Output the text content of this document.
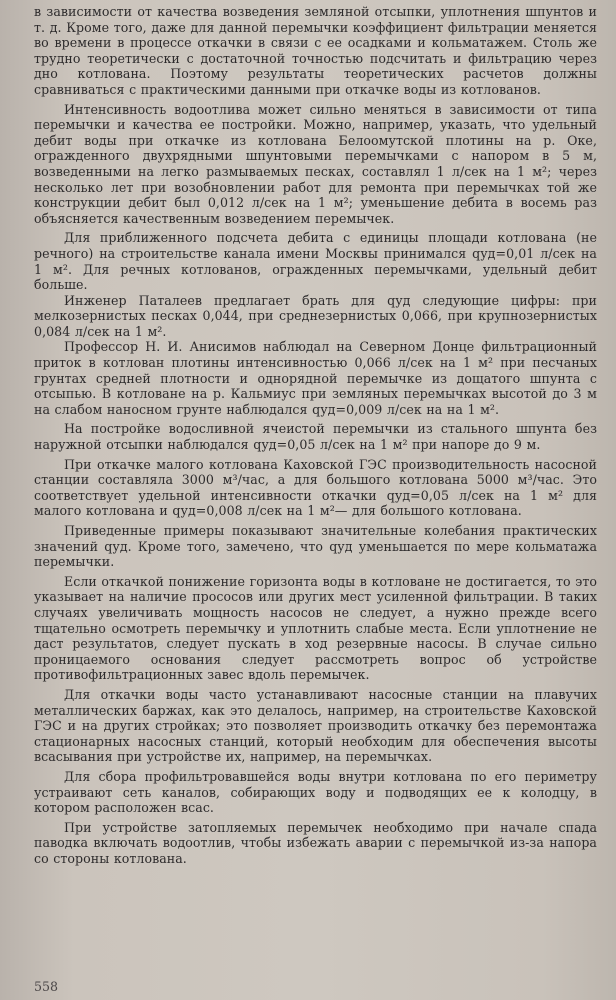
в зависимости от качества возведения земляной отсыпки, уплотнения шпунтов и т. д. Кроме того, даже для данной перемычки коэффициент фильтрации меняется во времени в процессе откачки в связи с ее осадками и кольматажем. Столь же трудно теоретически с достаточной точностью подсчитать и фильтрацию через дно котлована. Поэтому результаты теоретических расчетов должны сравниваться с практическими данными при откачке воды из котлованов.

Интенсивность водоотлива может сильно меняться в зависимости от типа перемычки и качества ее постройки. Можно, например, указать, что удельный дебит воды при откачке из котлована Белоомутской плотины на р. Оке, огражденного двухрядными шпунтовыми перемычками с напором в 5 м, возведенными на легко размываемых песках, составлял 1 л/сек на 1 м²; через несколько лет при возобновлении работ для ремонта при перемычках той же конструкции дебит был 0,012 л/сек на 1 м²; уменьшение дебита в восемь раз объясняется качественным возведением перемычек.

Для приближенного подсчета дебита с единицы площади котлована (не речного) на строительстве канала имени Москвы принимался qуд=0,01 л/сек на 1 м². Для речных котлованов, огражденных перемычками, удельный дебит больше.

Инженер Паталеев предлагает брать для qуд следующие цифры: при мелкозернистых песках 0,044, при среднезернистых 0,066, при крупнозернистых 0,084 л/сек на 1 м².

Профессор Н. И. Анисимов наблюдал на Северном Донце фильтрационный приток в котлован плотины интенсивностью 0,066 л/сек на 1 м² при песчаных грунтах средней плотности и однорядной перемычке из дощатого шпунта с отсыпью. В котловане на р. Кальмиус при земляных перемычках высотой до 3 м на слабом наносном грунте наблюдался qуд=0,009 л/сек на на 1 м².

На постройке водосливной ячеистой перемычки из стального шпунта без наружной отсыпки наблюдался qуд=0,05 л/сек на 1 м² при напоре до 9 м.

При откачке малого котлована Каховской ГЭС производительность насосной станции составляла 3000 м³/час, а для большого котлована 5000 м³/час. Это соответствует удельной интенсивности откачки qуд=0,05 л/сек на 1 м² для малого котлована и qуд=0,008 л/сек на 1 м²— для большого котлована.

Приведенные примеры показывают значительные колебания практических значений qуд. Кроме того, замечено, что qуд уменьшается по мере кольматажа перемычки.

Если откачкой понижение горизонта воды в котловане не достигается, то это указывает на наличие прососов или других мест усиленной фильтрации. В таких случаях увеличивать мощность насосов не следует, а нужно прежде всего тщательно осмотреть перемычку и уплотнить слабые места. Если уплотнение не даст результатов, следует пускать в ход резервные насосы. В случае сильно проницаемого основания следует рассмотреть вопрос об устройстве противофильтрационных завес вдоль перемычек.

Для откачки воды часто устанавливают насосные станции на плавучих металлических баржах, как это делалось, например, на строительстве Каховской ГЭС и на других стройках; это позволяет производить откачку без перемонтажа стационарных насосных станций, который необходим для обеспечения высоты всасывания при устройстве их, например, на перемычках.

Для сбора профильтровавшейся воды внутри котлована по его периметру устраивают сеть каналов, собирающих воду и подводящих ее к колодцу, в котором расположен всас.

При устройстве затопляемых перемычек необходимо при начале спада паводка включать водоотлив, чтобы избежать аварии с перемычкой из-за напора со стороны котлована.

558
